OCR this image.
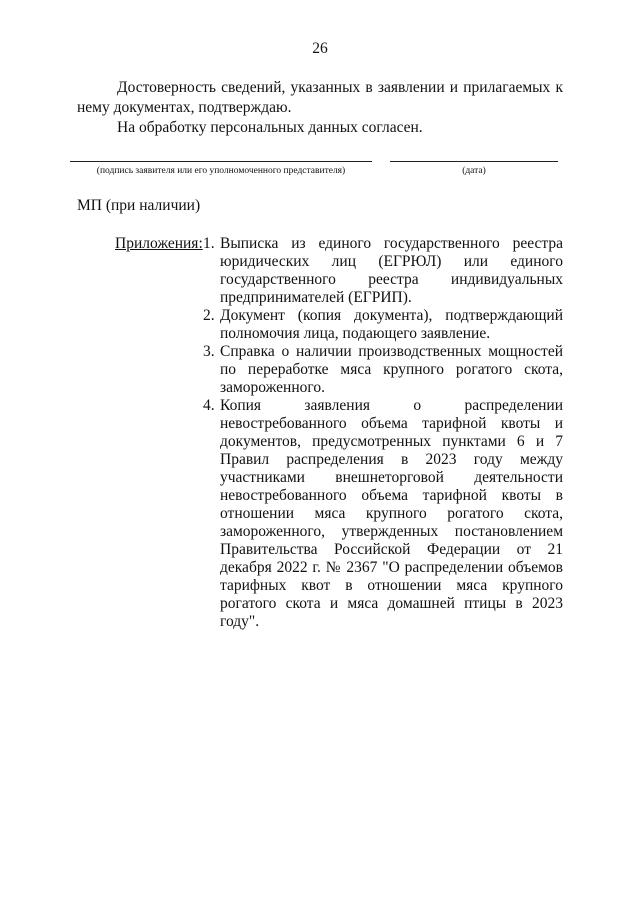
26
Достоверность сведений, указанных в заявлении и прилагаемых к нему документах, подтверждаю.
На обработку персональных данных согласен.
(подпись заявителя или его уполномоченного представителя)	(дата)
МП (при наличии)
Приложения: 1. Выписка из единого государственного реестра юридических лиц (ЕГРЮЛ) или единого государственного реестра индивидуальных предпринимателей (ЕГРИП).
2. Документ (копия документа), подтверждающий полномочия лица, подающего заявление.
3. Справка о наличии производственных мощностей по переработке мяса крупного рогатого скота, замороженного.
4. Копия заявления о распределении невостребованного объема тарифной квоты и документов, предусмотренных пунктами 6 и 7 Правил распределения в 2023 году между участниками внешнеторговой деятельности невостребованного объема тарифной квоты в отношении мяса крупного рогатого скота, замороженного, утвержденных постановлением Правительства Российской Федерации от 21 декабря 2022 г. № 2367 "О распределении объемов тарифных квот в отношении мяса крупного рогатого скота и мяса домашней птицы в 2023 году".
